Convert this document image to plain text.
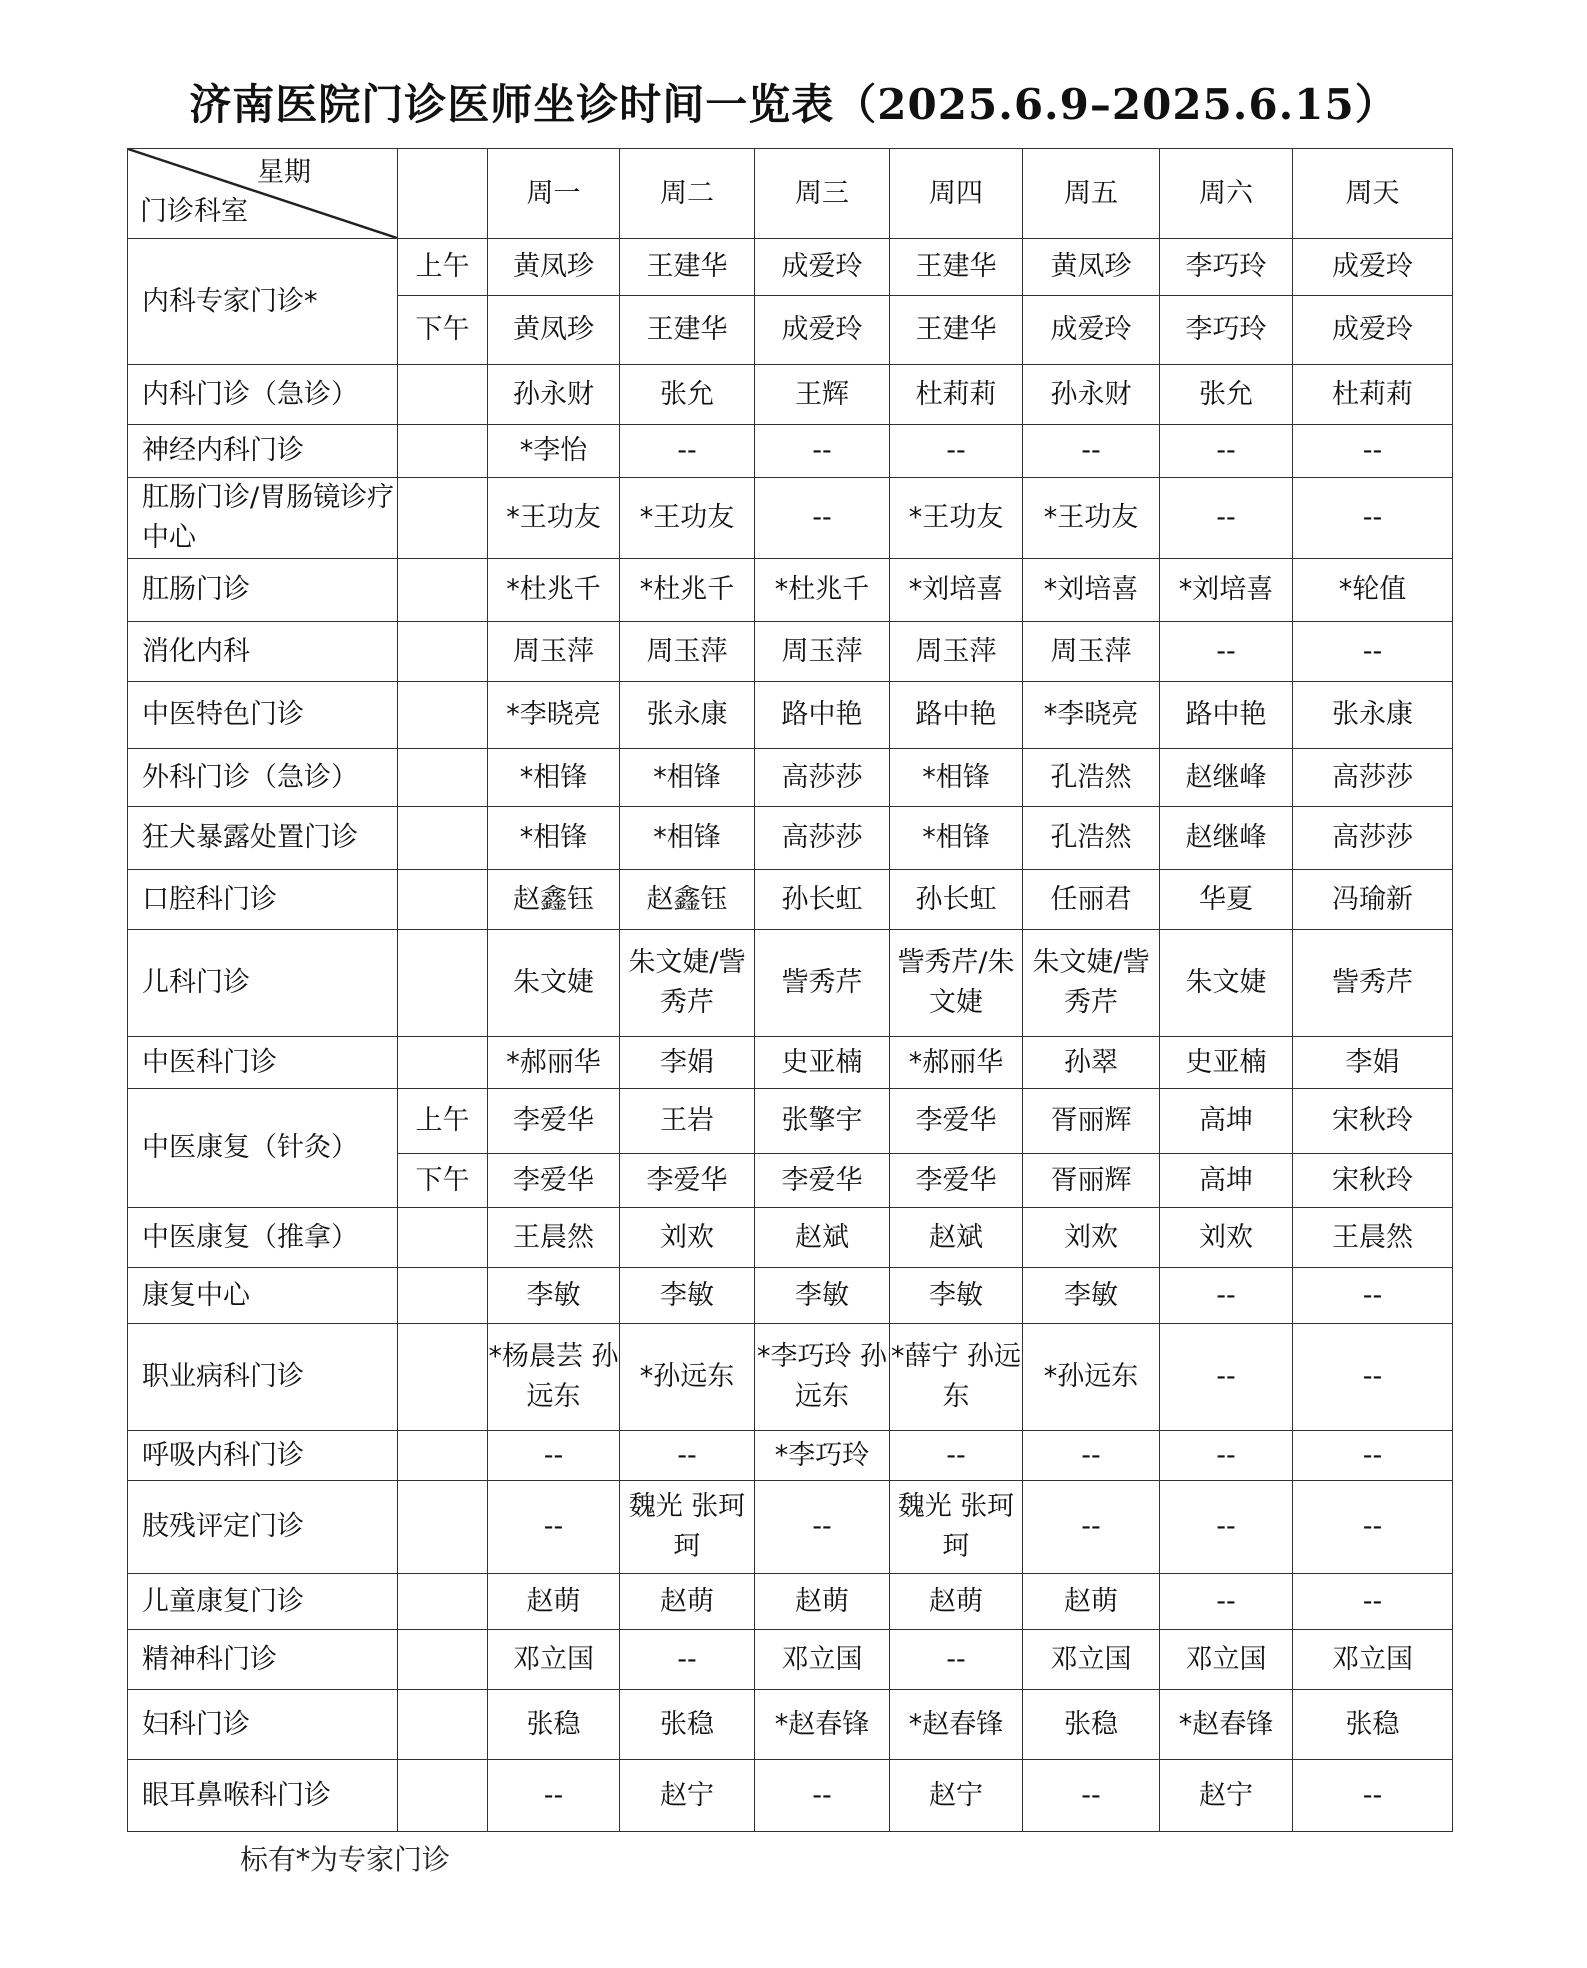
济南医院门诊医师坐诊时间一览表（2025.6.9–2025.6.15）
星期
门诊科室		周一	周二	周三	周四	周五	周六	周天
内科专家门诊*	上午	黄凤珍	王建华	成爱玲	王建华	黄凤珍	李巧玲	成爱玲
	下午	黄凤珍	王建华	成爱玲	王建华	成爱玲	李巧玲	成爱玲
内科门诊（急诊）		孙永财	张允	王辉	杜莉莉	孙永财	张允	杜莉莉
神经内科门诊		*李怡	--	--	--	--	--	--
肛肠门诊/胃肠镜诊疗中心		*王功友	*王功友	--	*王功友	*王功友	--	--
肛肠门诊		*杜兆千	*杜兆千	*杜兆千	*刘培喜	*刘培喜	*刘培喜	*轮值
消化内科		周玉萍	周玉萍	周玉萍	周玉萍	周玉萍	--	--
中医特色门诊		*李晓亮	张永康	路中艳	路中艳	*李晓亮	路中艳	张永康
外科门诊（急诊）		*相锋	*相锋	高莎莎	*相锋	孔浩然	赵继峰	高莎莎
狂犬暴露处置门诊		*相锋	*相锋	高莎莎	*相锋	孔浩然	赵继峰	高莎莎
口腔科门诊		赵鑫钰	赵鑫钰	孙长虹	孙长虹	任丽君	华夏	冯瑜新
儿科门诊		朱文婕	朱文婕/訾秀芹	訾秀芹	訾秀芹/朱文婕	朱文婕/訾秀芹	朱文婕	訾秀芹
中医科门诊		*郝丽华	李娟	史亚楠	*郝丽华	孙翠	史亚楠	李娟
中医康复（针灸）	上午	李爱华	王岩	张擎宇	李爱华	胥丽辉	高坤	宋秋玲
	下午	李爱华	李爱华	李爱华	李爱华	胥丽辉	高坤	宋秋玲
中医康复（推拿）		王晨然	刘欢	赵斌	赵斌	刘欢	刘欢	王晨然
康复中心		李敏	李敏	李敏	李敏	李敏	--	--
职业病科门诊		*杨晨芸 孙远东	*孙远东	*李巧玲 孙远东	*薛宁 孙远东	*孙远东	--	--
呼吸内科门诊		--	--	*李巧玲	--	--	--	--
肢残评定门诊		--	魏光 张珂珂	--	魏光 张珂珂	--	--	--
儿童康复门诊		赵萌	赵萌	赵萌	赵萌	赵萌	--	--
精神科门诊		邓立国	--	邓立国	--	邓立国	邓立国	邓立国
妇科门诊		张稳	张稳	*赵春锋	*赵春锋	张稳	*赵春锋	张稳
眼耳鼻喉科门诊		--	赵宁	--	赵宁	--	赵宁	--
标有*为专家门诊
